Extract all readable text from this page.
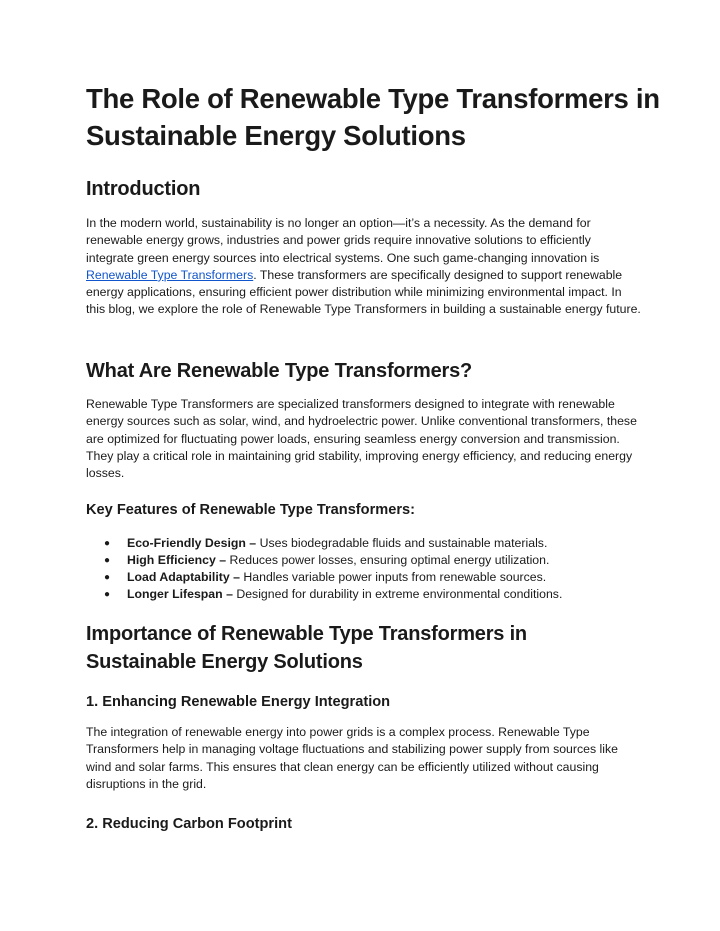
The Role of Renewable Type Transformers in Sustainable Energy Solutions
Introduction

In the modern world, sustainability is no longer an option—it’s a necessity. As the demand for renewable energy grows, industries and power grids require innovative solutions to efficiently integrate green energy sources into electrical systems. One such game-changing innovation is Renewable Type Transformers. These transformers are specifically designed to support renewable energy applications, ensuring efficient power distribution while minimizing environmental impact. In this blog, we explore the role of Renewable Type Transformers in building a sustainable energy future.

What Are Renewable Type Transformers?

Renewable Type Transformers are specialized transformers designed to integrate with renewable energy sources such as solar, wind, and hydroelectric power. Unlike conventional transformers, these are optimized for fluctuating power loads, ensuring seamless energy conversion and transmission. They play a critical role in maintaining grid stability, improving energy efficiency, and reducing energy losses.

Key Features of Renewable Type Transformers:
● Eco-Friendly Design – Uses biodegradable fluids and sustainable materials.
● High Efficiency – Reduces power losses, ensuring optimal energy utilization.
● Load Adaptability – Handles variable power inputs from renewable sources.
● Longer Lifespan – Designed for durability in extreme environmental conditions.
Importance of Renewable Type Transformers in Sustainable Energy Solutions
1. Enhancing Renewable Energy Integration

The integration of renewable energy into power grids is a complex process. Renewable Type Transformers help in managing voltage fluctuations and stabilizing power supply from sources like wind and solar farms. This ensures that clean energy can be efficiently utilized without causing disruptions in the grid.

2. Reducing Carbon Footprint
